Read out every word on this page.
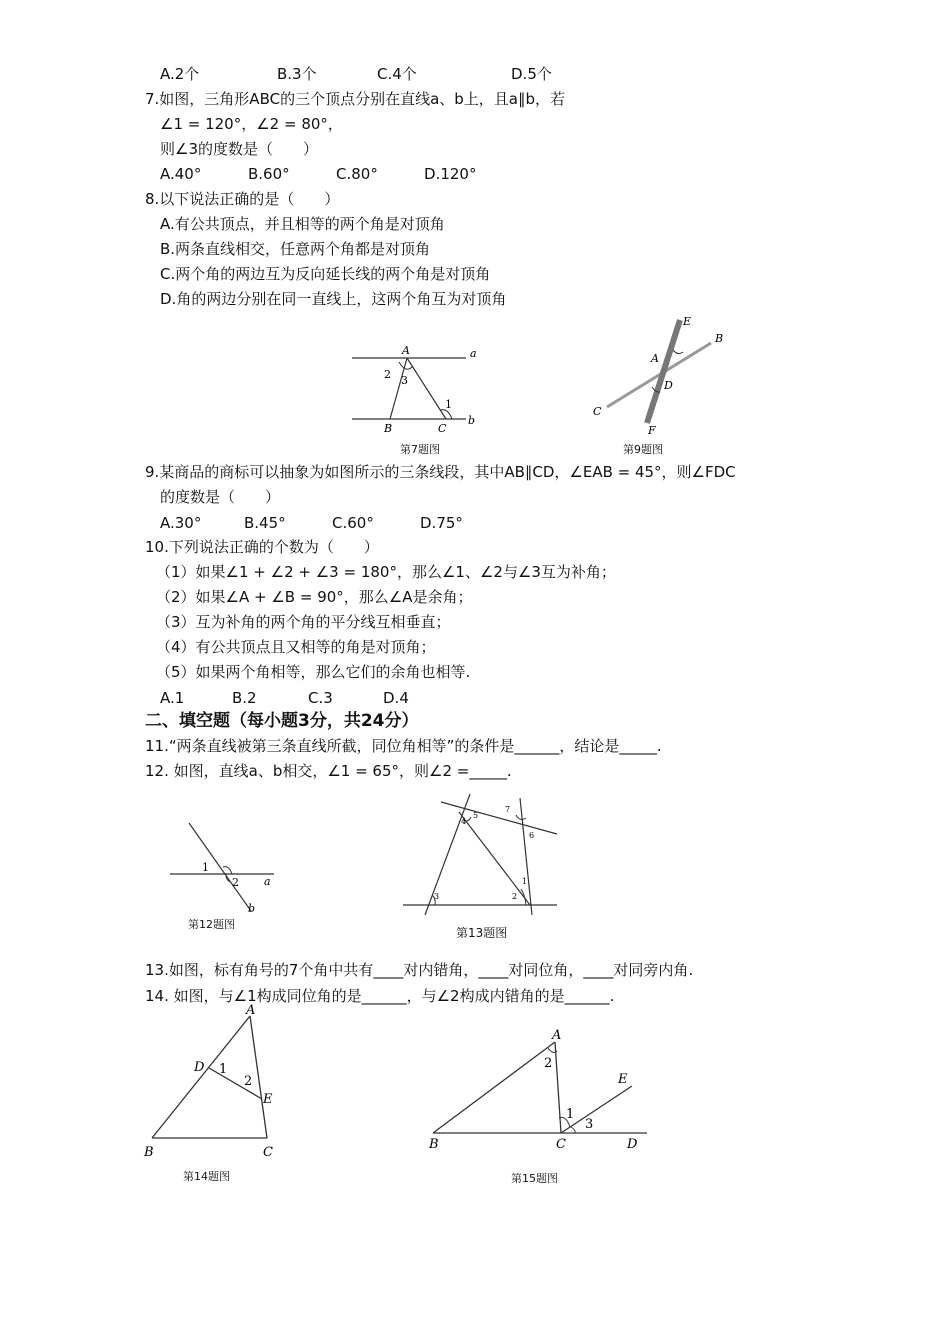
A.2个	B.3个	C.4个	D.5个
7.如图，三角形ABC的三个顶点分别在直线a、b上，且a∥b，若
∠1 = 120°，∠2 = 80°，
则∠3的度数是（　　）
A.40°	B.60°	C.80°	D.120°
8.以下说法正确的是（　　）
A.有公共顶点，并且相等的两个角是对顶角
B.两条直线相交，任意两个角都是对顶角
C.两个角的两边互为反向延长线的两个角是对顶角
D.角的两边分别在同一直线上，这两个角互为对顶角
A	a
2 3
1
B	C
b
第7题图
E
B
A
D
C
F
第9题图
9.某商品的商标可以抽象为如图所示的三条线段，其中AB∥CD，∠EAB = 45°，则∠FDC
的度数是（　　）
A.30°	B.45°	C.60°	D.75°
10.下列说法正确的个数为（　　）
（1）如果∠1 + ∠2 + ∠3 = 180°，那么∠1、∠2与∠3互为补角；
（2）如果∠A + ∠B = 90°，那么∠A是余角；
（3）互为补角的两个角的平分线互相垂直；
（4）有公共顶点且又相等的角是对顶角；
（5）如果两个角相等，那么它们的余角也相等.
A.1	B.2	C.3	D.4
二、填空题（每小题3分，共24分）
11.“两条直线被第三条直线所截，同位角相等”的条件是______，结论是_____.
12. 如图，直线a、b相交，∠1 = 65°，则∠2 =_____.
1
2 a
b
第12题图
7
4
5
6
1
2
3
第13题图
13.如图，标有角号的7个角中共有____对内错角，____对同位角，____对同旁内角.
14. 如图，与∠1构成同位角的是______，与∠2构成内错角的是______.
A
D 1
2
E
B	C
第14题图
A
2
E
1
3
B	C	D
第15题图
